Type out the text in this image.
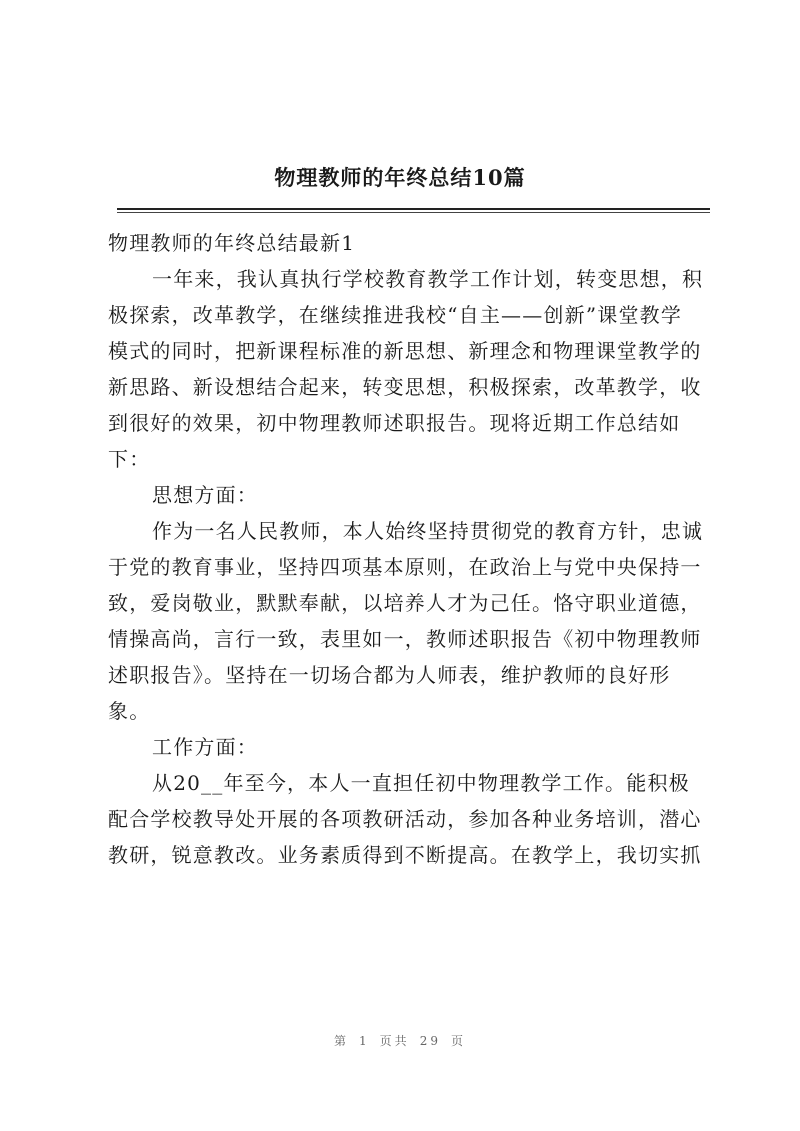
物理教师的年终总结10篇
物理教师的年终总结最新1
一年来，我认真执行学校教育教学工作计划，转变思想，积
极探索，改革教学，在继续推进我校“自主——创新”课堂教学
模式的同时，把新课程标准的新思想、新理念和物理课堂教学的
新思路、新设想结合起来，转变思想，积极探索，改革教学，收
到很好的效果，初中物理教师述职报告。现将近期工作总结如
下：
思想方面：
作为一名人民教师，本人始终坚持贯彻党的教育方针，忠诚
于党的教育事业，坚持四项基本原则，在政治上与党中央保持一
致，爱岗敬业，默默奉献，以培养人才为己任。恪守职业道德，
情操高尚，言行一致，表里如一，教师述职报告《初中物理教师
述职报告》。坚持在一切场合都为人师表，维护教师的良好形
象。
工作方面：
从20__年至今，本人一直担任初中物理教学工作。能积极
配合学校教导处开展的各项教研活动，参加各种业务培训，潜心
教研，锐意教改。业务素质得到不断提高。在教学上，我切实抓
第 1 页共 29 页
